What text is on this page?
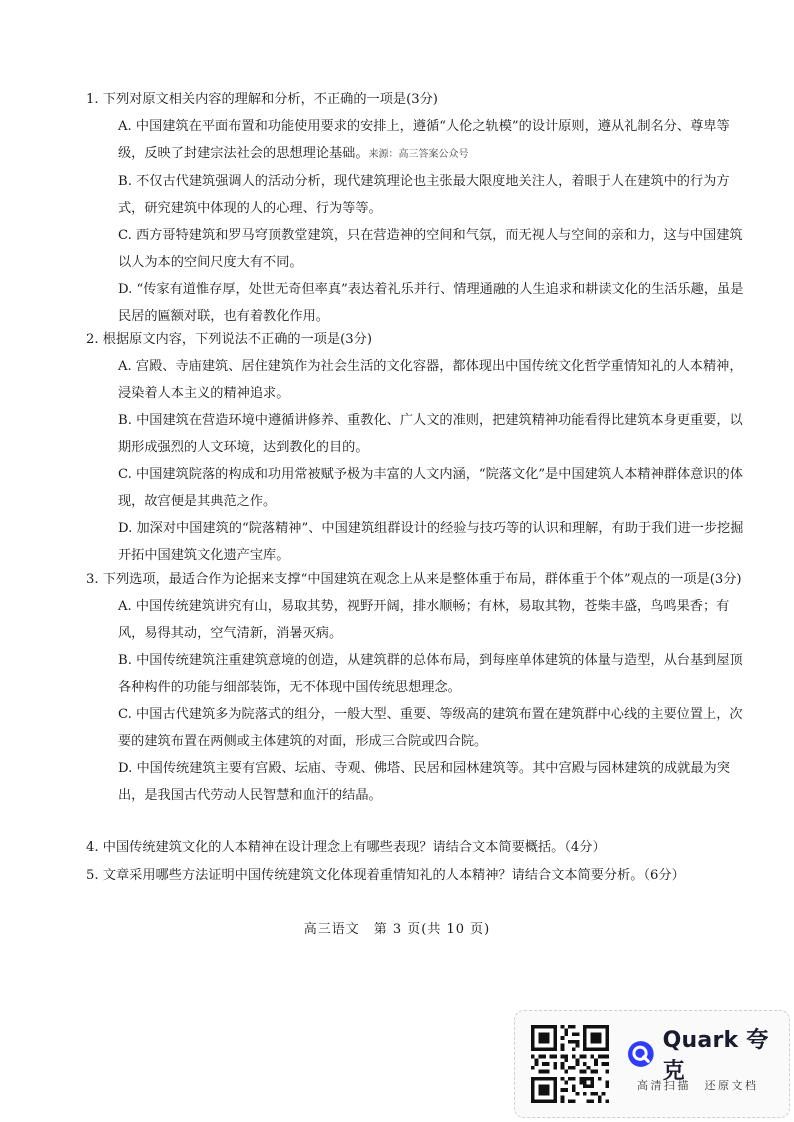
1. 下列对原文相关内容的理解和分析，不正确的一项是(3分)

A. 中国建筑在平面布置和功能使用要求的安排上，遵循“人伦之轨模”的设计原则，遵从礼制名分、尊卑等级，反映了封建宗法社会的思想理论基础。来源：高三答案公众号

B. 不仅古代建筑强调人的活动分析，现代建筑理论也主张最大限度地关注人，着眼于人在建筑中的行为方式，研究建筑中体现的人的心理、行为等等。

C. 西方哥特建筑和罗马穹顶教堂建筑，只在营造神的空间和气氛，而无视人与空间的亲和力，这与中国建筑以人为本的空间尺度大有不同。

D. “传家有道惟存厚，处世无奇但率真”表达着礼乐并行、情理通融的人生追求和耕读文化的生活乐趣，虽是民居的匾额对联，也有着教化作用。

2. 根据原文内容，下列说法不正确的一项是(3分)

A. 宫殿、寺庙建筑、居住建筑作为社会生活的文化容器，都体现出中国传统文化哲学重情知礼的人本精神，浸染着人本主义的精神追求。

B. 中国建筑在营造环境中遵循讲修养、重教化、广人文的准则，把建筑精神功能看得比建筑本身更重要，以期形成强烈的人文环境，达到教化的目的。

C. 中国建筑院落的构成和功用常被赋予极为丰富的人文内涵，“院落文化”是中国建筑人本精神群体意识的体现，故宫便是其典范之作。

D. 加深对中国建筑的“院落精神”、中国建筑组群设计的经验与技巧等的认识和理解，有助于我们进一步挖掘开拓中国建筑文化遗产宝库。

3. 下列选项，最适合作为论据来支撑“中国建筑在观念上从来是整体重于布局，群体重于个体”观点的一项是(3分)

A. 中国传统建筑讲究有山，易取其势，视野开阔，排水顺畅；有林，易取其物，苍柴丰盛，鸟鸣果香；有风，易得其动，空气清新，消暑灭病。

B. 中国传统建筑注重建筑意境的创造，从建筑群的总体布局，到每座单体建筑的体量与造型，从台基到屋顶各种构件的功能与细部装饰，无不体现中国传统思想理念。

C. 中国古代建筑多为院落式的组分，一般大型、重要、等级高的建筑布置在建筑群中心线的主要位置上，次要的建筑布置在两侧或主体建筑的对面，形成三合院或四合院。

D. 中国传统建筑主要有宫殿、坛庙、寺观、佛塔、民居和园林建筑等。其中宫殿与园林建筑的成就最为突出，是我国古代劳动人民智慧和血汗的结晶。

4. 中国传统建筑文化的人本精神在设计理念上有哪些表现？请结合文本简要概括。（4分）

5. 文章采用哪些方法证明中国传统建筑文化体现着重情知礼的人本精神？请结合文本简要分析。（6分）

高三语文　第 3 页(共 10 页)
Quark 夸克
高清扫描　还原文档
